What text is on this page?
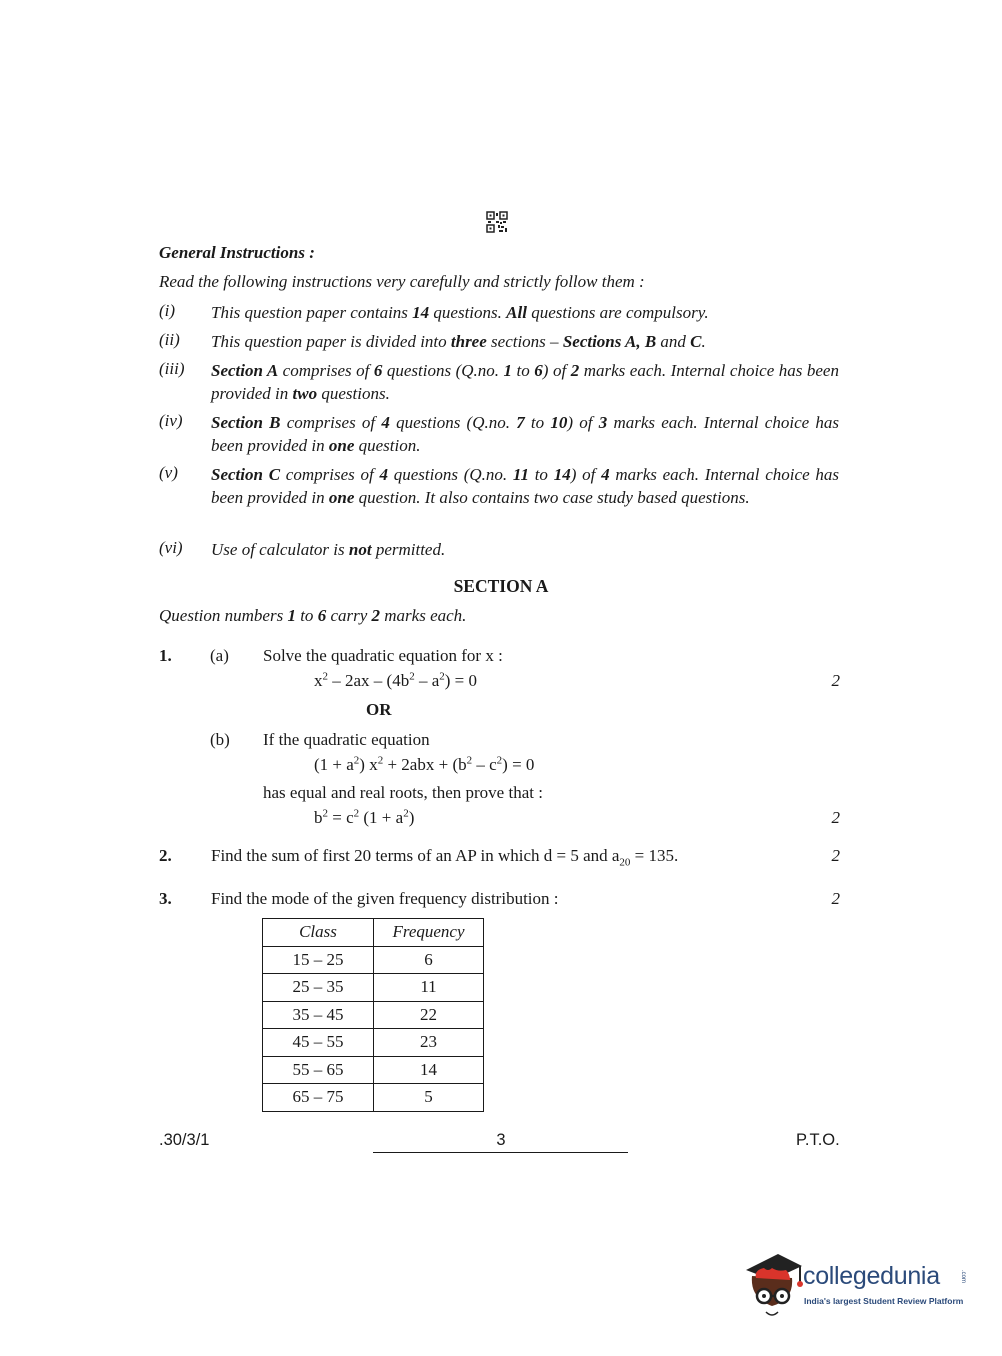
General Instructions :
Read the following instructions very carefully and strictly follow them :
(i) This question paper contains 14 questions. All questions are compulsory.
(ii) This question paper is divided into three sections – Sections A, B and C.
(iii) Section A comprises of 6 questions (Q.no. 1 to 6) of 2 marks each. Internal choice has been provided in two questions.
(iv) Section B comprises of 4 questions (Q.no. 7 to 10) of 3 marks each. Internal choice has been provided in one question.
(v) Section C comprises of 4 questions (Q.no. 11 to 14) of 4 marks each. Internal choice has been provided in one question. It also contains two case study based questions.
(vi) Use of calculator is not permitted.
SECTION A
Question numbers 1 to 6 carry 2 marks each.
1. (a) Solve the quadratic equation for x :
$x^2 - 2ax - (4b^2 - a^2) = 0$	2
OR
(b) If the quadratic equation
$(1 + a^2)$ $x^2 + 2abx + (b^2 - c^2) = 0$
has equal and real roots, then prove that :
$b^2 = c^2$ $(1 + a^2)$	2
2. Find the sum of first 20 terms of an AP in which d = 5 and $a_{20} = 135$.	2
3. Find the mode of the given frequency distribution :	2
Class	Frequency
15 – 25	6
25 – 35	11
35 – 45	22
45 – 55	23
55 – 65	14
65 – 75	5
.30/3/1	3	P.T.O.
collegedunia	.com
India's largest Student Review Platform
